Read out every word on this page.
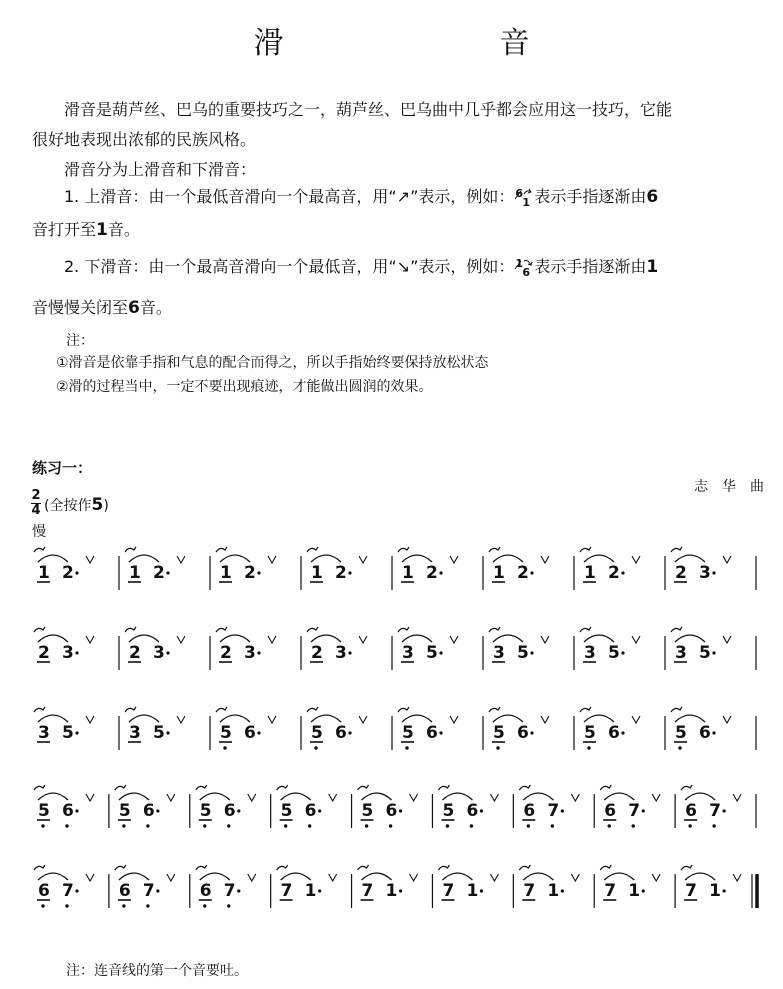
滑　　音
滑音是葫芦丝、巴乌的重要技巧之一，葫芦丝、巴乌曲中几乎都会应用这一技巧，它能
很好地表现出浓郁的民族风格。
滑音分为上滑音和下滑音：
1. 上滑音：由一个最低音滑向一个最高音，用“↗”表示，例如： 6
1 表示手指逐渐由6
音打开至1音。
2. 下滑音：由一个最高音滑向一个最低音，用“↘”表示，例如： 1
6 表示手指逐渐由1
音慢慢关闭至6音。
注：
①滑音是依靠手指和气息的配合而得之，所以手指始终要保持放松状态
②滑的过程当中，一定不要出现痕迹，才能做出圆润的效果。
练习一：
志华曲
2
4 (全按作5)
慢
1 2	1 2	1 2	1 2	1 2	1 2	1 2	2 3
2 3	2 3	2 3	2 3	3 5	3 5	3 5	3 5
3 5	3 5	5 6	5 6	5 6	5 6	5 6	5 6
5 6	5 6	5 6	5 6	5 6	5 6	6 7	6 7	6 7
6 7	6 7	6 7	7 1	7 1	7 1	7 1	7 1	7 1
注：连音线的第一个音要吐。
